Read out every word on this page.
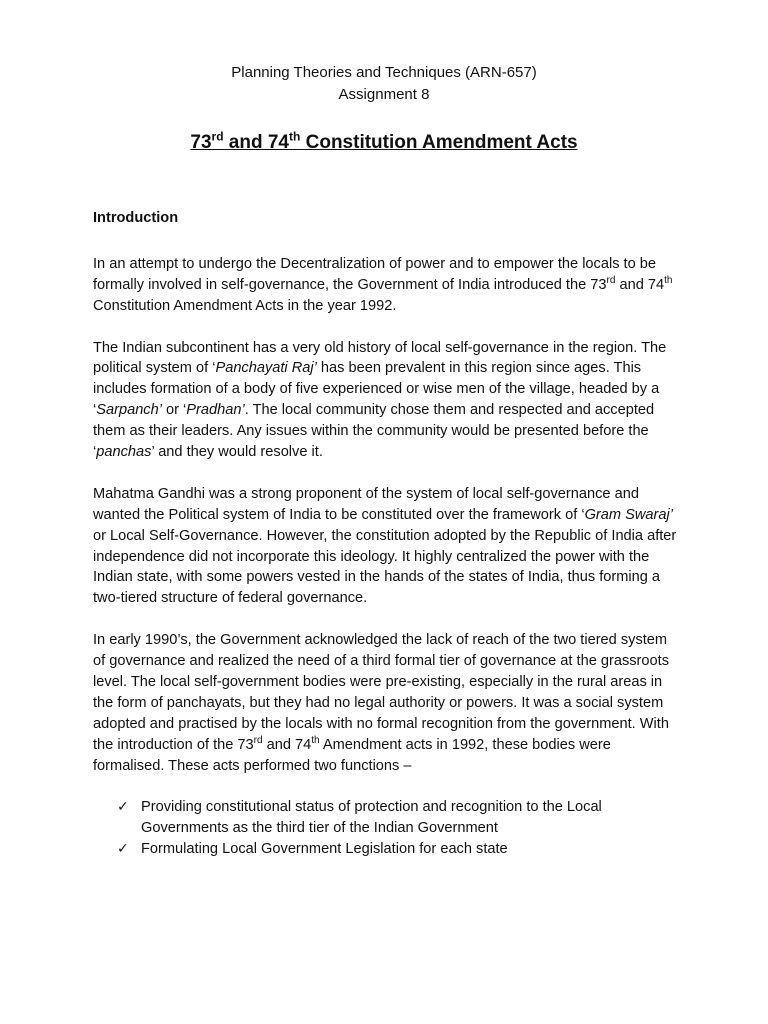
Planning Theories and Techniques (ARN-657)
Assignment 8
73rd and 74th Constitution Amendment Acts
Introduction

In an attempt to undergo the Decentralization of power and to empower the locals to be formally involved in self-governance, the Government of India introduced the 73rd and 74th Constitution Amendment Acts in the year 1992.

The Indian subcontinent has a very old history of local self-governance in the region. The political system of ‘Panchayati Raj’ has been prevalent in this region since ages. This includes formation of a body of five experienced or wise men of the village, headed by a ‘Sarpanch’ or ‘Pradhan’. The local community chose them and respected and accepted them as their leaders. Any issues within the community would be presented before the ‘panchas’ and they would resolve it.

Mahatma Gandhi was a strong proponent of the system of local self-governance and wanted the Political system of India to be constituted over the framework of ‘Gram Swaraj’ or Local Self-Governance. However, the constitution adopted by the Republic of India after independence did not incorporate this ideology. It highly centralized the power with the Indian state, with some powers vested in the hands of the states of India, thus forming a two-tiered structure of federal governance.

In early 1990’s, the Government acknowledged the lack of reach of the two tiered system of governance and realized the need of a third formal tier of governance at the grassroots level. The local self-government bodies were pre-existing, especially in the rural areas in the form of panchayats, but they had no legal authority or powers. It was a social system adopted and practised by the locals with no formal recognition from the government. With the introduction of the 73rd and 74th Amendment acts in 1992, these bodies were formalised. These acts performed two functions –

✓ Providing constitutional status of protection and recognition to the Local Governments as the third tier of the Indian Government
✓ Formulating Local Government Legislation for each state
